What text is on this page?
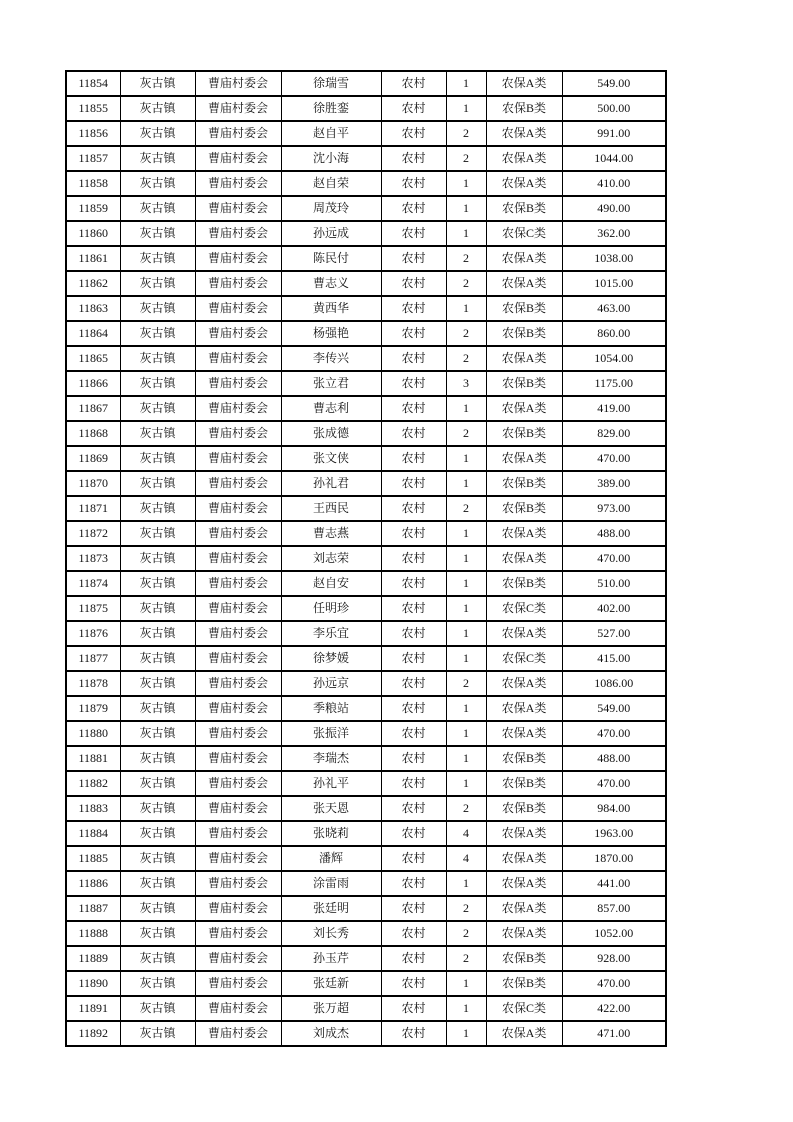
11854	灰古镇	曹庙村委会	徐瑞雪	农村	1	农保A类	549.00
11855	灰古镇	曹庙村委会	徐胜銮	农村	1	农保B类	500.00
11856	灰古镇	曹庙村委会	赵自平	农村	2	农保A类	991.00
11857	灰古镇	曹庙村委会	沈小海	农村	2	农保A类	1044.00
11858	灰古镇	曹庙村委会	赵自荣	农村	1	农保A类	410.00
11859	灰古镇	曹庙村委会	周茂玲	农村	1	农保B类	490.00
11860	灰古镇	曹庙村委会	孙远成	农村	1	农保C类	362.00
11861	灰古镇	曹庙村委会	陈民付	农村	2	农保A类	1038.00
11862	灰古镇	曹庙村委会	曹志义	农村	2	农保A类	1015.00
11863	灰古镇	曹庙村委会	黄西华	农村	1	农保B类	463.00
11864	灰古镇	曹庙村委会	杨强艳	农村	2	农保B类	860.00
11865	灰古镇	曹庙村委会	李传兴	农村	2	农保A类	1054.00
11866	灰古镇	曹庙村委会	张立君	农村	3	农保B类	1175.00
11867	灰古镇	曹庙村委会	曹志利	农村	1	农保A类	419.00
11868	灰古镇	曹庙村委会	张成德	农村	2	农保B类	829.00
11869	灰古镇	曹庙村委会	张文侠	农村	1	农保A类	470.00
11870	灰古镇	曹庙村委会	孙礼君	农村	1	农保B类	389.00
11871	灰古镇	曹庙村委会	王西民	农村	2	农保B类	973.00
11872	灰古镇	曹庙村委会	曹志燕	农村	1	农保A类	488.00
11873	灰古镇	曹庙村委会	刘志荣	农村	1	农保A类	470.00
11874	灰古镇	曹庙村委会	赵自安	农村	1	农保B类	510.00
11875	灰古镇	曹庙村委会	任明珍	农村	1	农保C类	402.00
11876	灰古镇	曹庙村委会	李乐宜	农村	1	农保A类	527.00
11877	灰古镇	曹庙村委会	徐梦媛	农村	1	农保C类	415.00
11878	灰古镇	曹庙村委会	孙远京	农村	2	农保A类	1086.00
11879	灰古镇	曹庙村委会	季粮站	农村	1	农保A类	549.00
11880	灰古镇	曹庙村委会	张振洋	农村	1	农保A类	470.00
11881	灰古镇	曹庙村委会	李瑞杰	农村	1	农保B类	488.00
11882	灰古镇	曹庙村委会	孙礼平	农村	1	农保B类	470.00
11883	灰古镇	曹庙村委会	张天恩	农村	2	农保B类	984.00
11884	灰古镇	曹庙村委会	张晓莉	农村	4	农保A类	1963.00
11885	灰古镇	曹庙村委会	潘辉	农村	4	农保A类	1870.00
11886	灰古镇	曹庙村委会	涂雷雨	农村	1	农保A类	441.00
11887	灰古镇	曹庙村委会	张廷明	农村	2	农保A类	857.00
11888	灰古镇	曹庙村委会	刘长秀	农村	2	农保A类	1052.00
11889	灰古镇	曹庙村委会	孙玉芹	农村	2	农保B类	928.00
11890	灰古镇	曹庙村委会	张廷新	农村	1	农保B类	470.00
11891	灰古镇	曹庙村委会	张万超	农村	1	农保C类	422.00
11892	灰古镇	曹庙村委会	刘成杰	农村	1	农保A类	471.00
